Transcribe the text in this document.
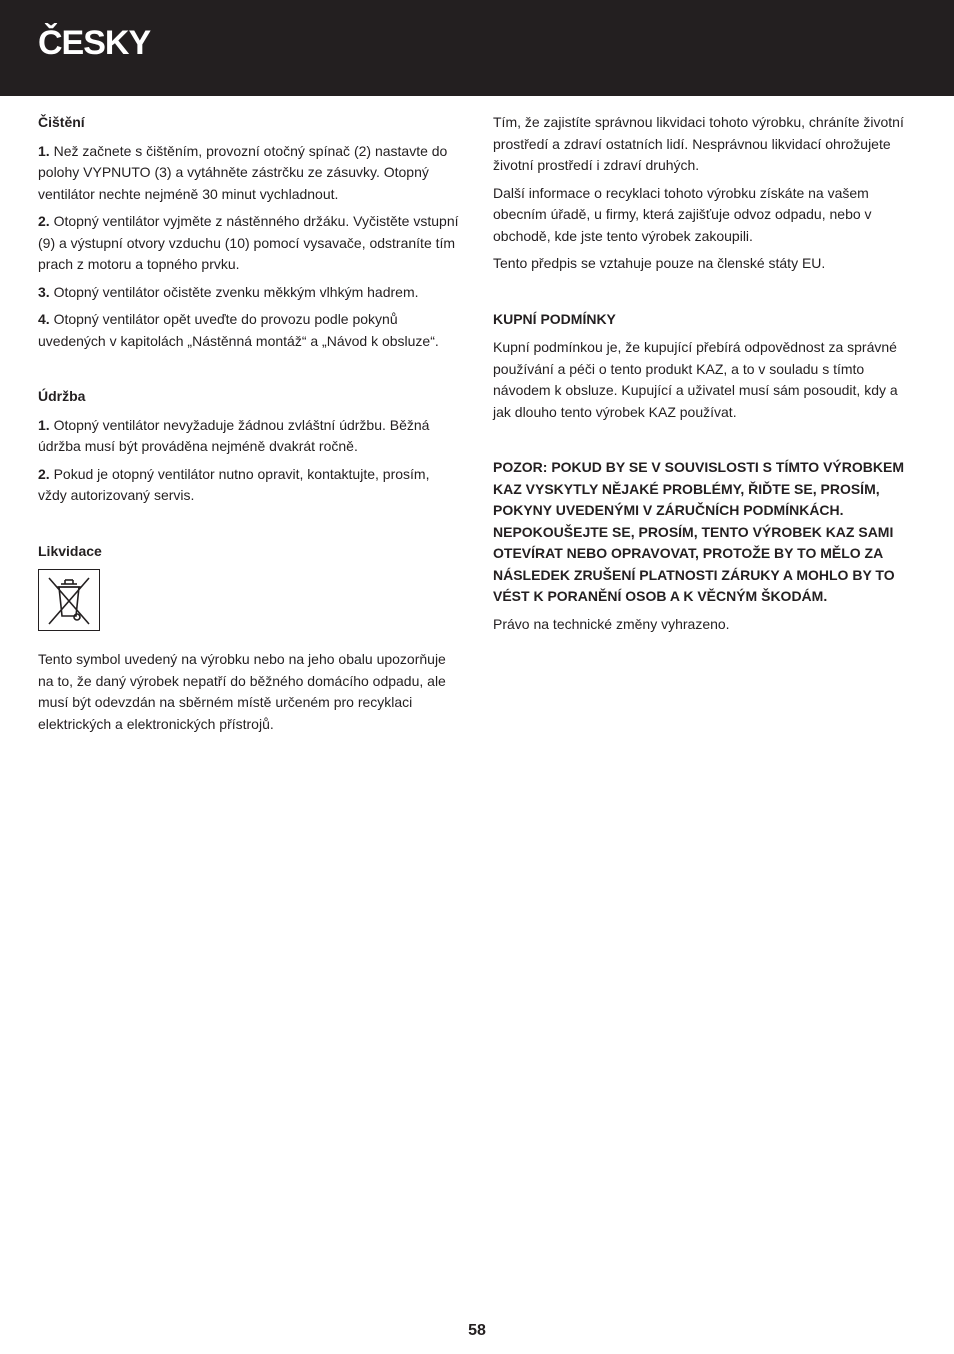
ČESKY
Čištění

1. Než začnete s čištěním, provozní otočný spínač (2) nastavte do polohy VYPNUTO (3) a vytáhněte zástrčku ze zásuvky. Otopný ventilátor nechte nejméně 30 minut vychladnout.

2. Otopný ventilátor vyjměte z nástěnného držáku. Vyčistěte vstupní (9) a výstupní otvory vzduchu (10) pomocí vysavače, odstraníte tím prach z motoru a topného prvku.

3. Otopný ventilátor očistěte zvenku měkkým vlhkým hadrem.

4. Otopný ventilátor opět uveďte do provozu podle pokynů uvedených v kapitolách „Nástěnná montáž“ a „Návod k obsluze“.

Údržba

1. Otopný ventilátor nevyžaduje žádnou zvláštní údržbu. Běžná údržba musí být prováděna nejméně dvakrát ročně.

2. Pokud je otopný ventilátor nutno opravit, kontaktujte, prosím, vždy autorizovaný servis.

Likvidace

Tento symbol uvedený na výrobku nebo na jeho obalu upozorňuje na to, že daný výrobek nepatří do běžného domácího odpadu, ale musí být odevzdán na sběrném místě určeném pro recyklaci elektrických a elektronických přístrojů.

Tím, že zajistíte správnou likvidaci tohoto výrobku, chráníte životní prostředí a zdraví ostatních lidí. Nesprávnou likvidací ohrožujete životní prostředí i zdraví druhých.

Další informace o recyklaci tohoto výrobku získáte na vašem obecním úřadě, u firmy, která zajišťuje odvoz odpadu, nebo v obchodě, kde jste tento výrobek zakoupili.

Tento předpis se vztahuje pouze na členské státy EU.

KUPNÍ PODMÍNKY

Kupní podmínkou je, že kupující přebírá odpovědnost za správné používání a péči o tento produkt KAZ, a to v souladu s tímto návodem k obsluze. Kupující a uživatel musí sám posoudit, kdy a jak dlouho tento výrobek KAZ používat.

POZOR: POKUD BY SE V SOUVISLOSTI S TÍMTO VÝROBKEM KAZ VYSKYTLY NĚJAKÉ PROBLÉMY, ŘIĎTE SE, PROSÍM, POKYNY UVEDENÝMI V ZÁRUČNÍCH PODMÍNKÁCH. NEPOKOUŠEJTE SE, PROSÍM, TENTO VÝROBEK KAZ SAMI OTEVÍRAT NEBO OPRAVOVAT, PROTOŽE BY TO MĚLO ZA NÁSLEDEK ZRUŠENÍ PLATNOSTI ZÁRUKY A MOHLO BY TO VÉST K PORANĚNÍ OSOB A K VĚCNÝM ŠKODÁM.

Právo na technické změny vyhrazeno.

58
